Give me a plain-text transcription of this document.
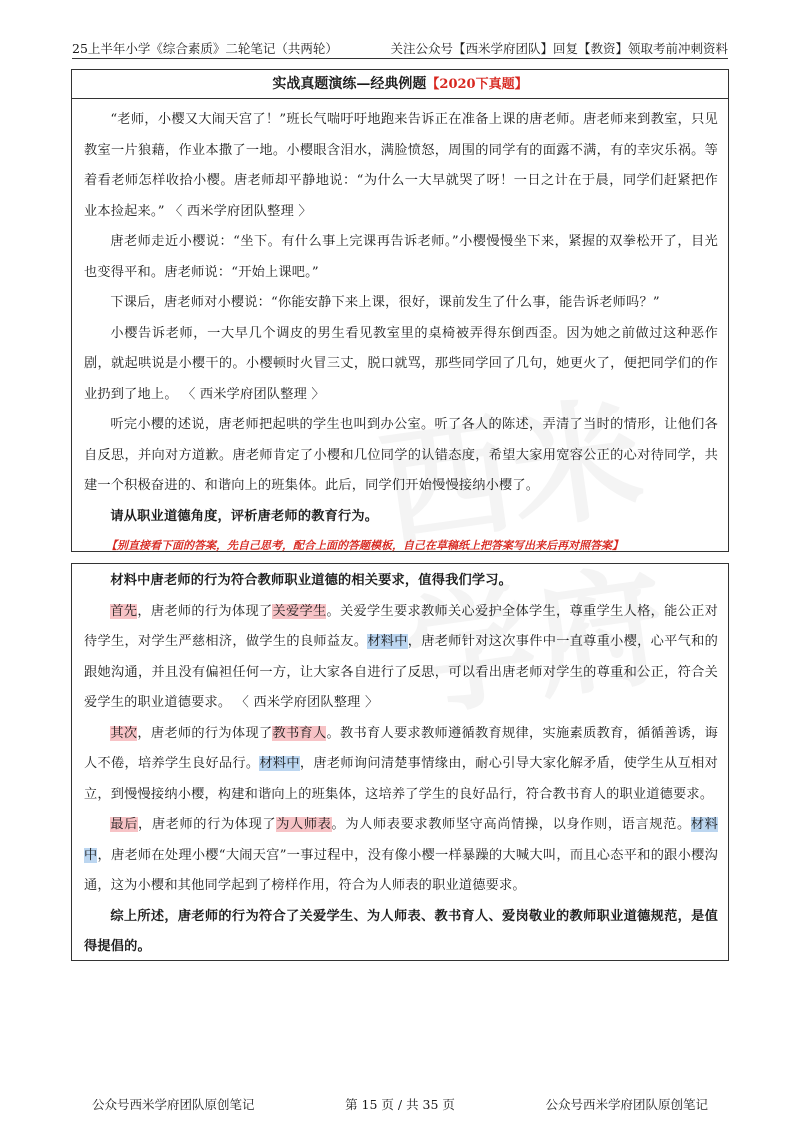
25上半年小学《综合素质》二轮笔记（共两轮）	关注公众号【西米学府团队】回复【教资】领取考前冲刺资料
实战真题演练—经典例题【2020下真题】

“老师，小樱又大闹天宫了！”班长气喘吁吁地跑来告诉正在准备上课的唐老师。唐老师来到教室，只见教室一片狼藉，作业本撒了一地。小樱眼含泪水，满脸愤怒，周围的同学有的面露不满，有的幸灾乐祸。等着看老师怎样收拾小樱。唐老师却平静地说：“为什么一大早就哭了呀！一日之计在于晨，同学们赶紧把作业本捡起来。” 〈 西米学府团队整理 〉

唐老师走近小樱说：“坐下。有什么事上完课再告诉老师。”小樱慢慢坐下来，紧握的双拳松开了，目光也变得平和。唐老师说：“开始上课吧。”

下课后，唐老师对小樱说：“你能安静下来上课，很好，课前发生了什么事，能告诉老师吗？”

小樱告诉老师，一大早几个调皮的男生看见教室里的桌椅被弄得东倒西歪。因为她之前做过这种恶作剧，就起哄说是小樱干的。小樱顿时火冒三丈，脱口就骂，那些同学回了几句，她更火了，便把同学们的作业扔到了地上。 〈 西米学府团队整理 〉

听完小樱的述说，唐老师把起哄的学生也叫到办公室。听了各人的陈述，弄清了当时的情形，让他们各自反思，并向对方道歉。唐老师肯定了小樱和几位同学的认错态度，希望大家用宽容公正的心对待同学，共建一个积极奋进的、和谐向上的班集体。此后，同学们开始慢慢接纳小樱了。

请从职业道德角度，评析唐老师的教育行为。

【别直接看下面的答案，先自己思考，配合上面的答题模板，自己在草稿纸上把答案写出来后再对照答案】

材料中唐老师的行为符合教师职业道德的相关要求，值得我们学习。

首先，唐老师的行为体现了关爱学生。关爱学生要求教师关心爱护全体学生，尊重学生人格，能公正对待学生，对学生严慈相济，做学生的良师益友。材料中，唐老师针对这次事件中一直尊重小樱，心平气和的跟她沟通，并且没有偏袒任何一方，让大家各自进行了反思，可以看出唐老师对学生的尊重和公正，符合关爱学生的职业道德要求。 〈 西米学府团队整理 〉

其次，唐老师的行为体现了教书育人。教书育人要求教师遵循教育规律，实施素质教育，循循善诱，诲人不倦，培养学生良好品行。材料中，唐老师询问清楚事情缘由，耐心引导大家化解矛盾，使学生从互相对立，到慢慢接纳小樱，构建和谐向上的班集体，这培养了学生的良好品行，符合教书育人的职业道德要求。

最后，唐老师的行为体现了为人师表。为人师表要求教师坚守高尚情操，以身作则，语言规范。材料中，唐老师在处理小樱“大闹天宫”一事过程中，没有像小樱一样暴躁的大喊大叫，而且心态平和的跟小樱沟通，这为小樱和其他同学起到了榜样作用，符合为人师表的职业道德要求。

综上所述，唐老师的行为符合了关爱学生、为人师表、教书育人、爱岗敬业的教师职业道德规范，是值得提倡的。

第 15 页 / 共 35 页
公众号西米学府团队原创笔记	公众号西米学府团队原创笔记
